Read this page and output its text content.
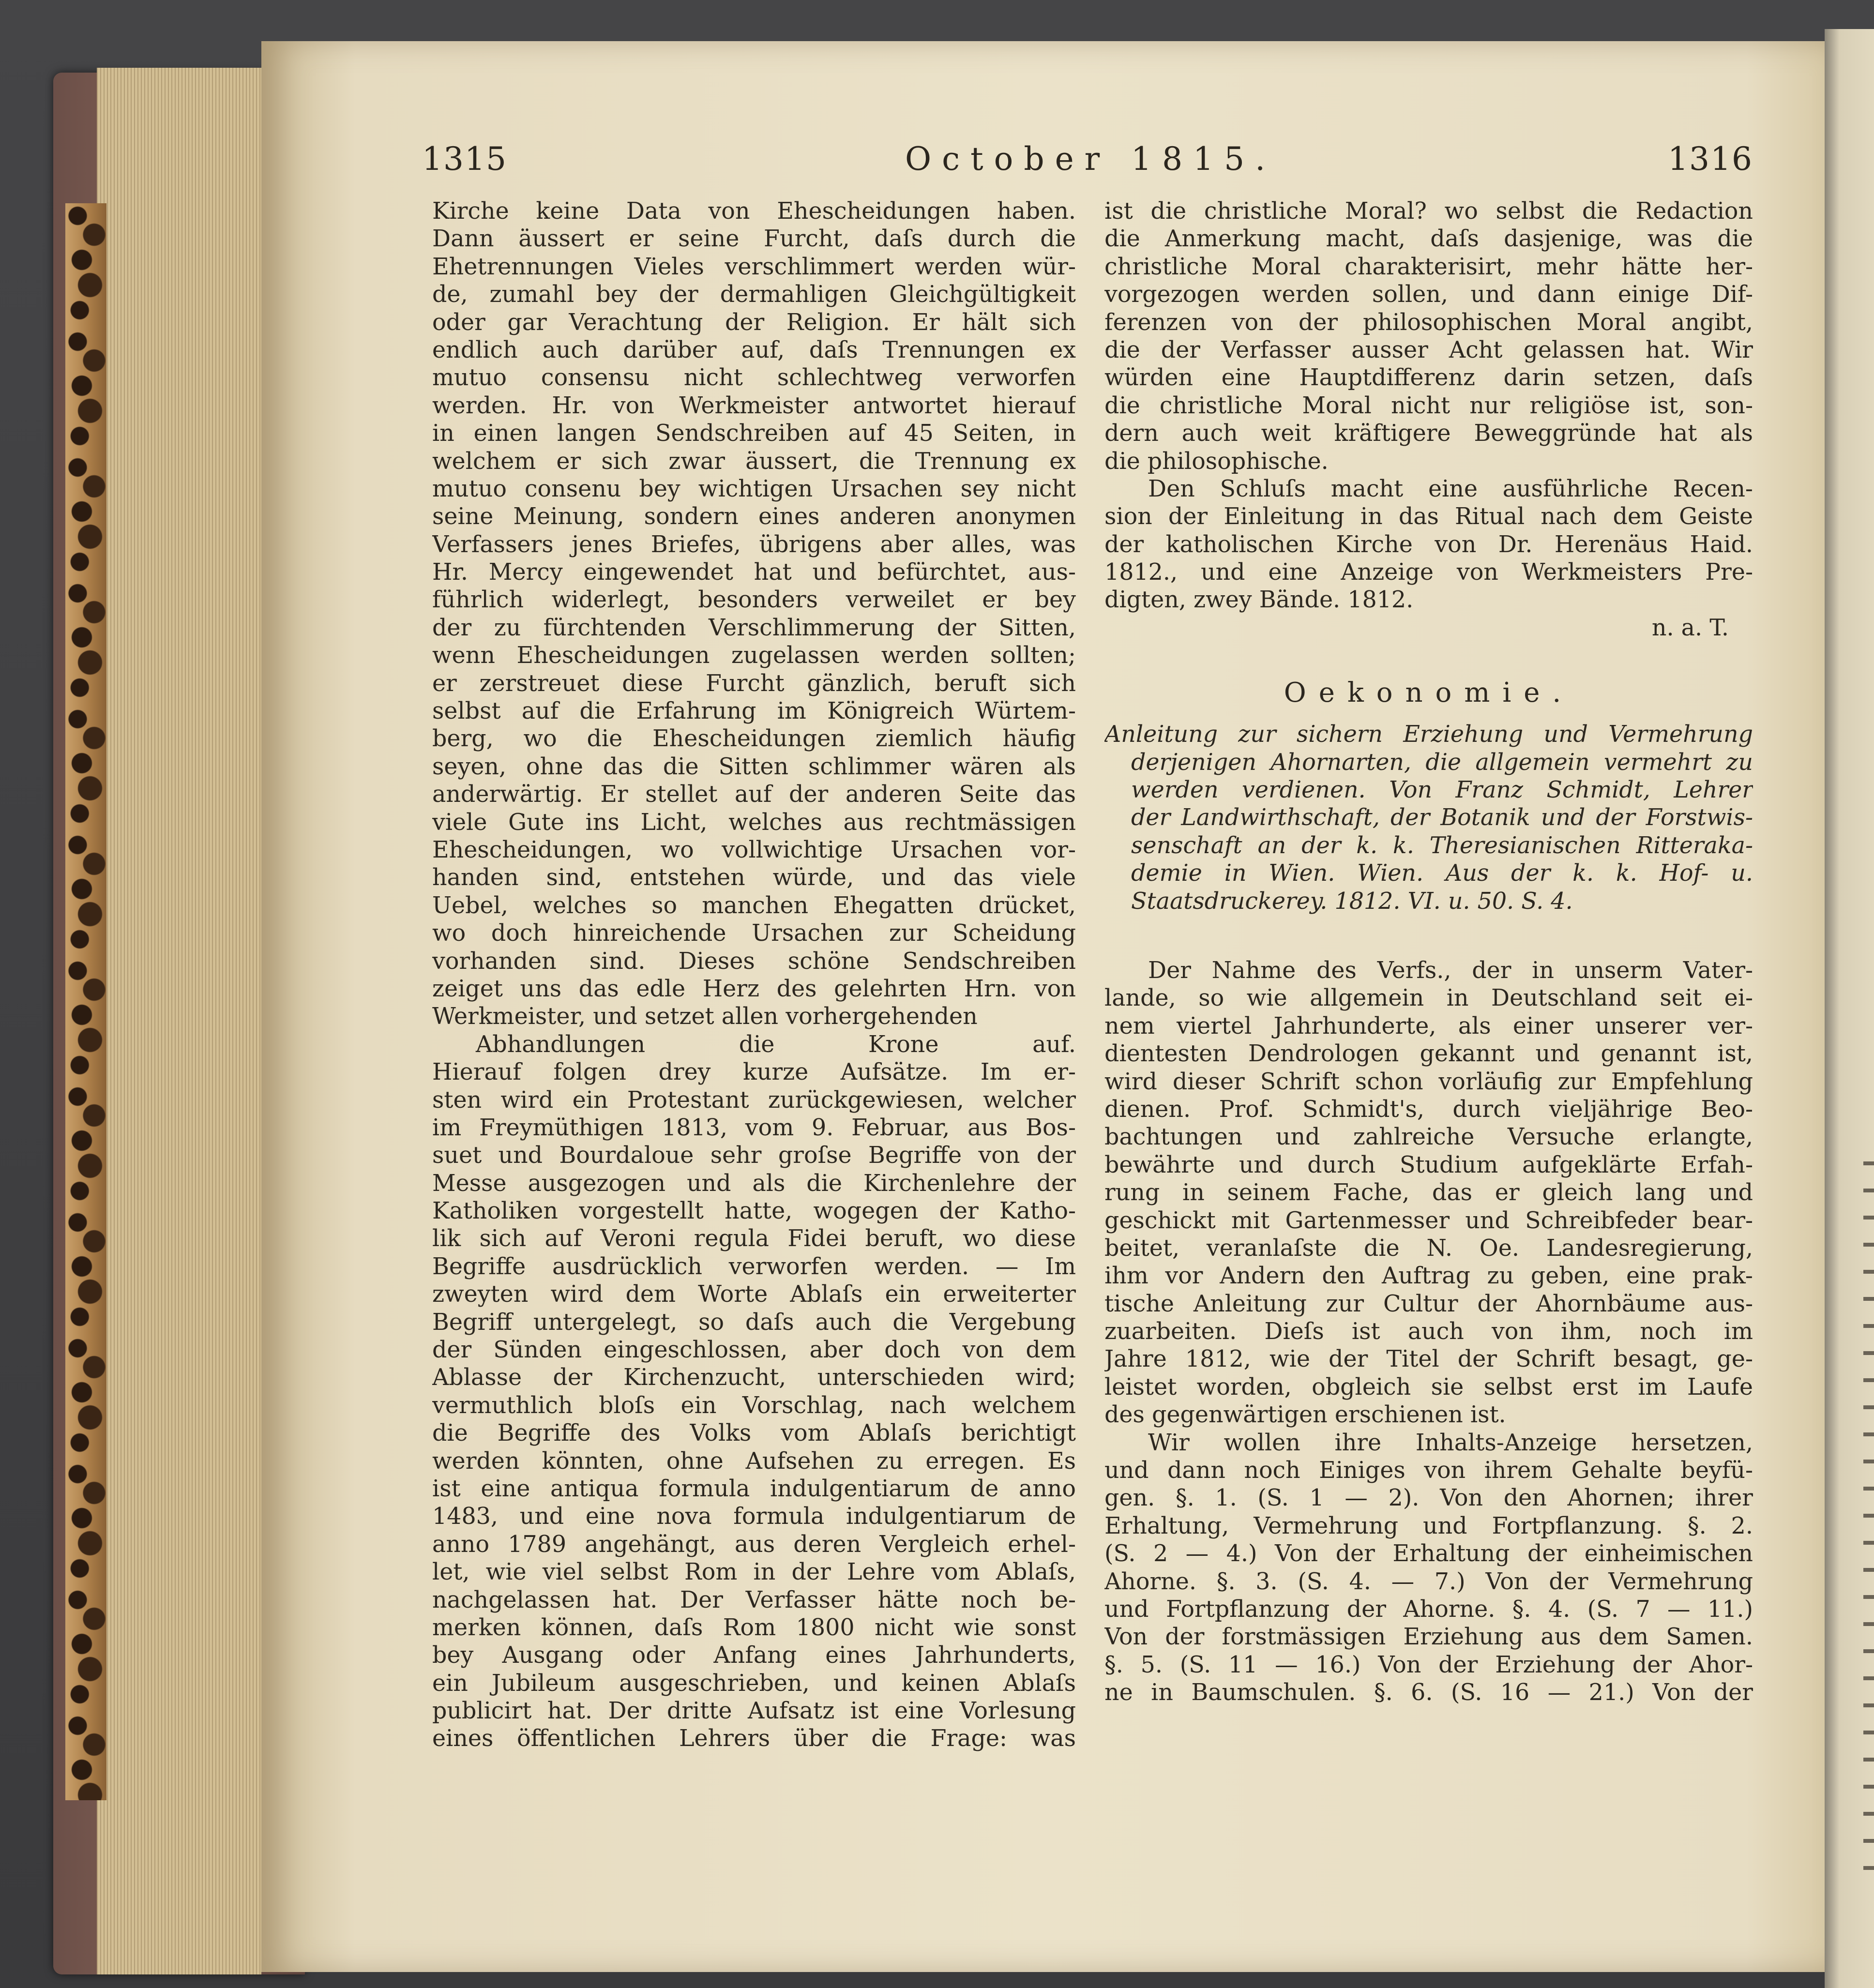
1315	October 1815.	1316
Kirche keine Data von Ehescheidungen haben.
Dann äussert er seine Furcht, daſs durch die
Ehetrennungen Vieles verschlimmert werden wür-
de, zumahl bey der dermahligen Gleichgültigkeit
oder gar Verachtung der Religion. Er hält sich
endlich auch darüber auf, daſs Trennungen ex
mutuo consensu nicht schlechtweg verworfen
werden. Hr. von Werkmeister antwortet hierauf
in einen langen Sendschreiben auf 45 Seiten, in
welchem er sich zwar äussert, die Trennung ex
mutuo consenu bey wichtigen Ursachen sey nicht
seine Meinung, sondern eines anderen anonymen
Verfassers jenes Briefes, übrigens aber alles, was
Hr. Mercy eingewendet hat und befürchtet, aus-
führlich widerlegt, besonders verweilet er bey
der zu fürchtenden Verschlimmerung der Sitten,
wenn Ehescheidungen zugelassen werden sollten;
er zerstreuet diese Furcht gänzlich, beruft sich
selbst auf die Erfahrung im Königreich Würtem-
berg, wo die Ehescheidungen ziemlich häufig
seyen, ohne das die Sitten schlimmer wären als
anderwärtig. Er stellet auf der anderen Seite das
viele Gute ins Licht, welches aus rechtmässigen
Ehescheidungen, wo vollwichtige Ursachen vor-
handen sind, entstehen würde, und das viele
Uebel, welches so manchen Ehegatten drücket,
wo doch hinreichende Ursachen zur Scheidung
vorhanden sind. Dieses schöne Sendschreiben
zeiget uns das edle Herz des gelehrten Hrn. von
Werkmeister, und setzet allen vorhergehenden
Abhandlungen die Krone auf.
Hierauf folgen drey kurze Aufsätze. Im er-
sten wird ein Protestant zurückgewiesen, welcher
im Freymüthigen 1813, vom 9. Februar, aus Bos-
suet und Bourdaloue sehr groſse Begriffe von der
Messe ausgezogen und als die Kirchenlehre der
Katholiken vorgestellt hatte, wogegen der Katho-
lik sich auf Veroni regula Fidei beruft, wo diese
Begriffe ausdrücklich verworfen werden. — Im
zweyten wird dem Worte Ablaſs ein erweiterter
Begriff untergelegt, so daſs auch die Vergebung
der Sünden eingeschlossen, aber doch von dem
Ablasse der Kirchenzucht, unterschieden wird;
vermuthlich bloſs ein Vorschlag, nach welchem
die Begriffe des Volks vom Ablaſs berichtigt
werden könnten, ohne Aufsehen zu erregen. Es
ist eine antiqua formula indulgentiarum de anno
1483, und eine nova formula indulgentiarum de
anno 1789 angehängt, aus deren Vergleich erhel-
let, wie viel selbst Rom in der Lehre vom Ablaſs,
nachgelassen hat. Der Verfasser hätte noch be-
merken können, daſs Rom 1800 nicht wie sonst
bey Ausgang oder Anfang eines Jahrhunderts,
ein Jubileum ausgeschrieben, und keinen Ablaſs
publicirt hat. Der dritte Aufsatz ist eine Vorlesung
eines öffentlichen Lehrers über die Frage: was
ist die christliche Moral? wo selbst die Redaction
die Anmerkung macht, daſs dasjenige, was die
christliche Moral charakterisirt, mehr hätte her-
vorgezogen werden sollen, und dann einige Dif-
ferenzen von der philosophischen Moral angibt,
die der Verfasser ausser Acht gelassen hat. Wir
würden eine Hauptdifferenz darin setzen, daſs
die christliche Moral nicht nur religiöse ist, son-
dern auch weit kräftigere Beweggründe hat als
die philosophische.
Den Schluſs macht eine ausführliche Recen-
sion der Einleitung in das Ritual nach dem Geiste
der katholischen Kirche von Dr. Herenäus Haid.
1812., und eine Anzeige von Werkmeisters Pre-
digten, zwey Bände. 1812.
n. a. T.
Oekonomie.
Anleitung zur sichern Erziehung und Vermehrung
derjenigen Ahornarten, die allgemein vermehrt zu
werden verdienen. Von Franz Schmidt, Lehrer
der Landwirthschaft, der Botanik und der Forstwis-
senschaft an der k. k. Theresianischen Ritteraka-
demie in Wien. Wien. Aus der k. k. Hof- u.
Staatsdruckerey. 1812. VI. u. 50. S. 4.
Der Nahme des Verfs., der in unserm Vater-
lande, so wie allgemein in Deutschland seit ei-
nem viertel Jahrhunderte, als einer unserer ver-
dientesten Dendrologen gekannt und genannt ist,
wird dieser Schrift schon vorläufig zur Empfehlung
dienen. Prof. Schmidt's, durch vieljährige Beo-
bachtungen und zahlreiche Versuche erlangte,
bewährte und durch Studium aufgeklärte Erfah-
rung in seinem Fache, das er gleich lang und
geschickt mit Gartenmesser und Schreibfeder bear-
beitet, veranlaſste die N. Oe. Landesregierung,
ihm vor Andern den Auftrag zu geben, eine prak-
tische Anleitung zur Cultur der Ahornbäume aus-
zuarbeiten. Dieſs ist auch von ihm, noch im
Jahre 1812, wie der Titel der Schrift besagt, ge-
leistet worden, obgleich sie selbst erst im Laufe
des gegenwärtigen erschienen ist.
Wir wollen ihre Inhalts-Anzeige hersetzen,
und dann noch Einiges von ihrem Gehalte beyfü-
gen. §. 1. (S. 1 — 2). Von den Ahornen; ihrer
Erhaltung, Vermehrung und Fortpflanzung. §. 2.
(S. 2 — 4.) Von der Erhaltung der einheimischen
Ahorne. §. 3. (S. 4. — 7.) Von der Vermehrung
und Fortpflanzung der Ahorne. §. 4. (S. 7 — 11.)
Von der forstmässigen Erziehung aus dem Samen.
§. 5. (S. 11 — 16.) Von der Erziehung der Ahor-
ne in Baumschulen. §. 6. (S. 16 — 21.) Von der
